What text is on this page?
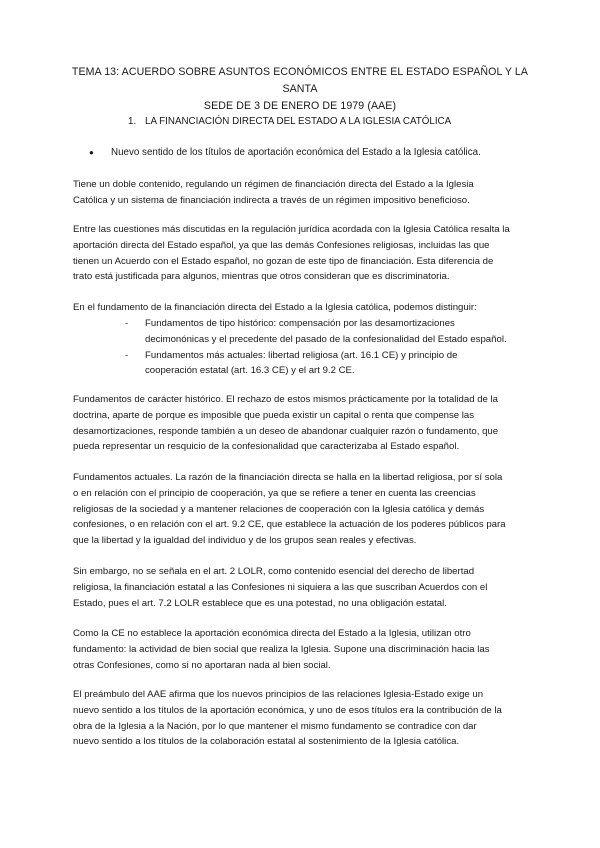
TEMA 13: ACUERDO SOBRE ASUNTOS ECONÓMICOS ENTRE EL ESTADO ESPAÑOL Y LA SANTA
SEDE DE 3 DE ENERO DE 1979 (AAE)
1. LA FINANCIACIÓN DIRECTA DEL ESTADO A LA IGLESIA CATÓLICA
● Nuevo sentido de los títulos de aportación económica del Estado a la Iglesia católica.
Tiene un doble contenido, regulando un régimen de financiación directa del Estado a la Iglesia
Católica y un sistema de financiación indirecta a través de un régimen impositivo beneficioso.
Entre las cuestiones más discutidas en la regulación jurídica acordada con la Iglesia Católica resalta la
aportación directa del Estado español, ya que las demás Confesiones religiosas, incluidas las que
tienen un Acuerdo con el Estado español, no gozan de este tipo de financiación. Esta diferencia de
trato está justificada para algunos, mientras que otros consideran que es discriminatoria.
En el fundamento de la financiación directa del Estado a la Iglesia católica, podemos distinguir:
- Fundamentos de tipo histórico: compensación por las desamortizaciones
decimonónicas y el precedente del pasado de la confesionalidad del Estado español.
- Fundamentos más actuales: libertad religiosa (art. 16.1 CE) y principio de
cooperación estatal (art. 16.3 CE) y el art 9.2 CE.
Fundamentos de carácter histórico. El rechazo de estos mismos prácticamente por la totalidad de la
doctrina, aparte de porque es imposible que pueda existir un capital o renta que compense las
desamortizaciones, responde también a un deseo de abandonar cualquier razón o fundamento, que
pueda representar un resquicio de la confesionalidad que caracterizaba al Estado español.
Fundamentos actuales. La razón de la financiación directa se halla en la libertad religiosa, por sí sola
o en relación con el principio de cooperación, ya que se refiere a tener en cuenta las creencias
religiosas de la sociedad y a mantener relaciones de cooperación con la Iglesia católica y demás
confesiones, o en relación con el art. 9.2 CE, que establece la actuación de los poderes públicos para
que la libertad y la igualdad del individuo y de los grupos sean reales y efectivas.
Sin embargo, no se señala en el art. 2 LOLR, como contenido esencial del derecho de libertad
religiosa, la financiación estatal a las Confesiones ni siquiera a las que suscriban Acuerdos con el
Estado, pues el art. 7.2 LOLR establece que es una potestad, no una obligación estatal.
Como la CE no establece la aportación económica directa del Estado a la Iglesia, utilizan otro
fundamento: la actividad de bien social que realiza la Iglesia. Supone una discriminación hacia las
otras Confesiones, como si no aportaran nada al bien social.
El preámbulo del AAE afirma que los nuevos principios de las relaciones Iglesia-Estado exige un
nuevo sentido a los títulos de la aportación económica, y uno de esos títulos era la contribución de la
obra de la Iglesia a la Nación, por lo que mantener el mismo fundamento se contradice con dar
nuevo sentido a los títulos de la colaboración estatal al sostenimiento de la Iglesia católica.
